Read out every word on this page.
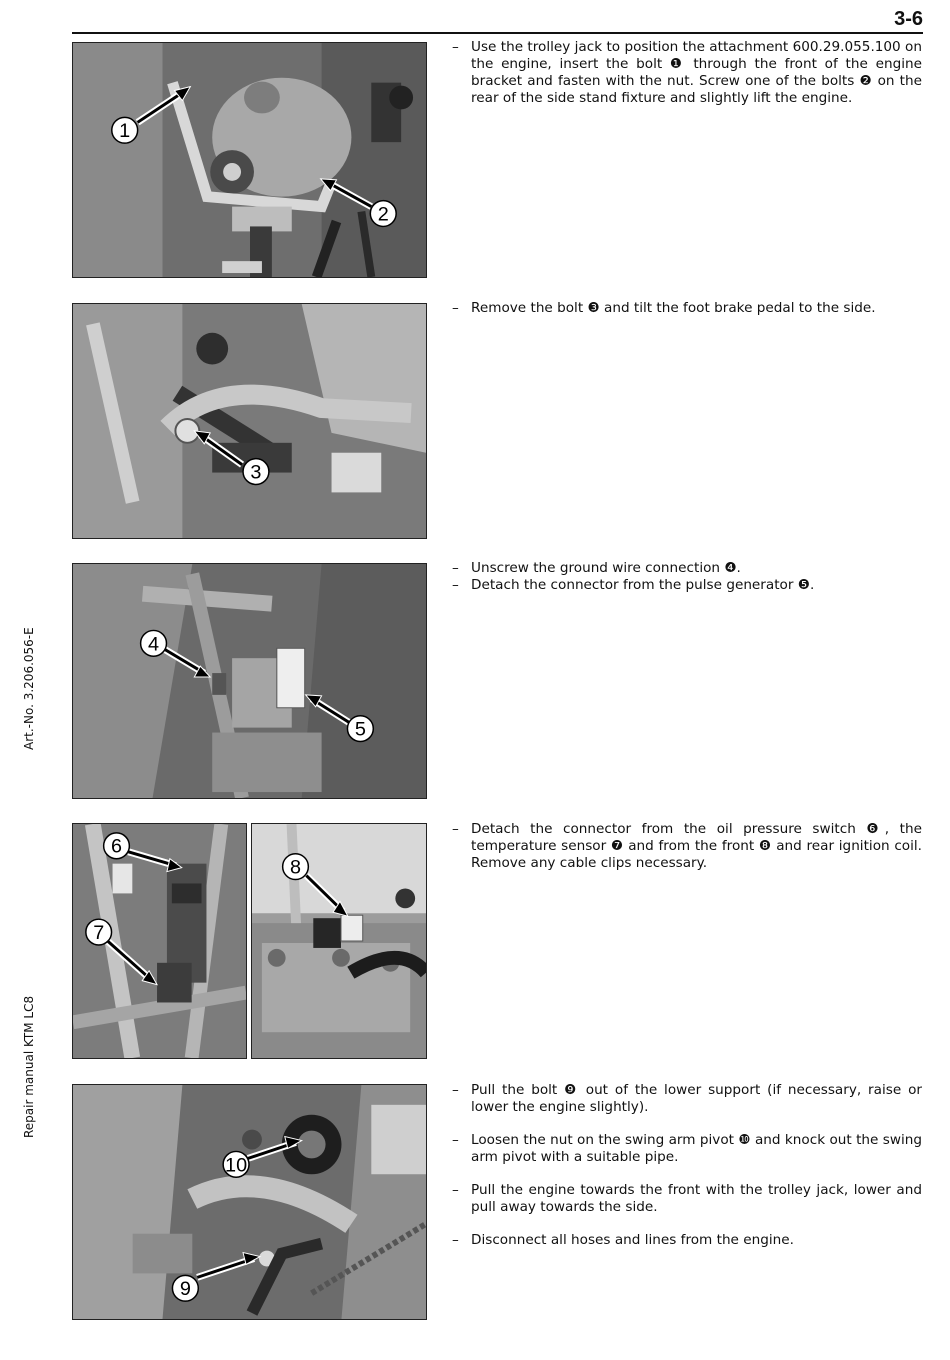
3-6
Art.-No. 3.206.056-E
Repair manual KTM LC8
1
2
3
4
5
6
7
8
10
9
– Use the trolley jack to position the attachment 600.29.055.100 on the engine, insert the bolt ❶ through the front of the engine bracket and fasten with the nut. Screw one of the bolts ❷ on the rear of the side stand fixture and slightly lift the engine.
– Remove the bolt ❸ and tilt the foot brake pedal to the side.
– Unscrew the ground wire connection ❹.
– Detach the connector from the pulse generator ❺.
– Detach the connector from the oil pressure switch ❻, the temperature sensor ❼ and from the front ❽ and rear ignition coil. Remove any cable clips necessary.
– Pull the bolt ❾ out of the lower support (if necessary, raise or lower the engine slightly).
– Loosen the nut on the swing arm pivot ❿ and knock out the swing arm pivot with a suitable pipe.
– Pull the engine towards the front with the trolley jack, lower and pull away towards the side.
– Disconnect all hoses and lines from the engine.
